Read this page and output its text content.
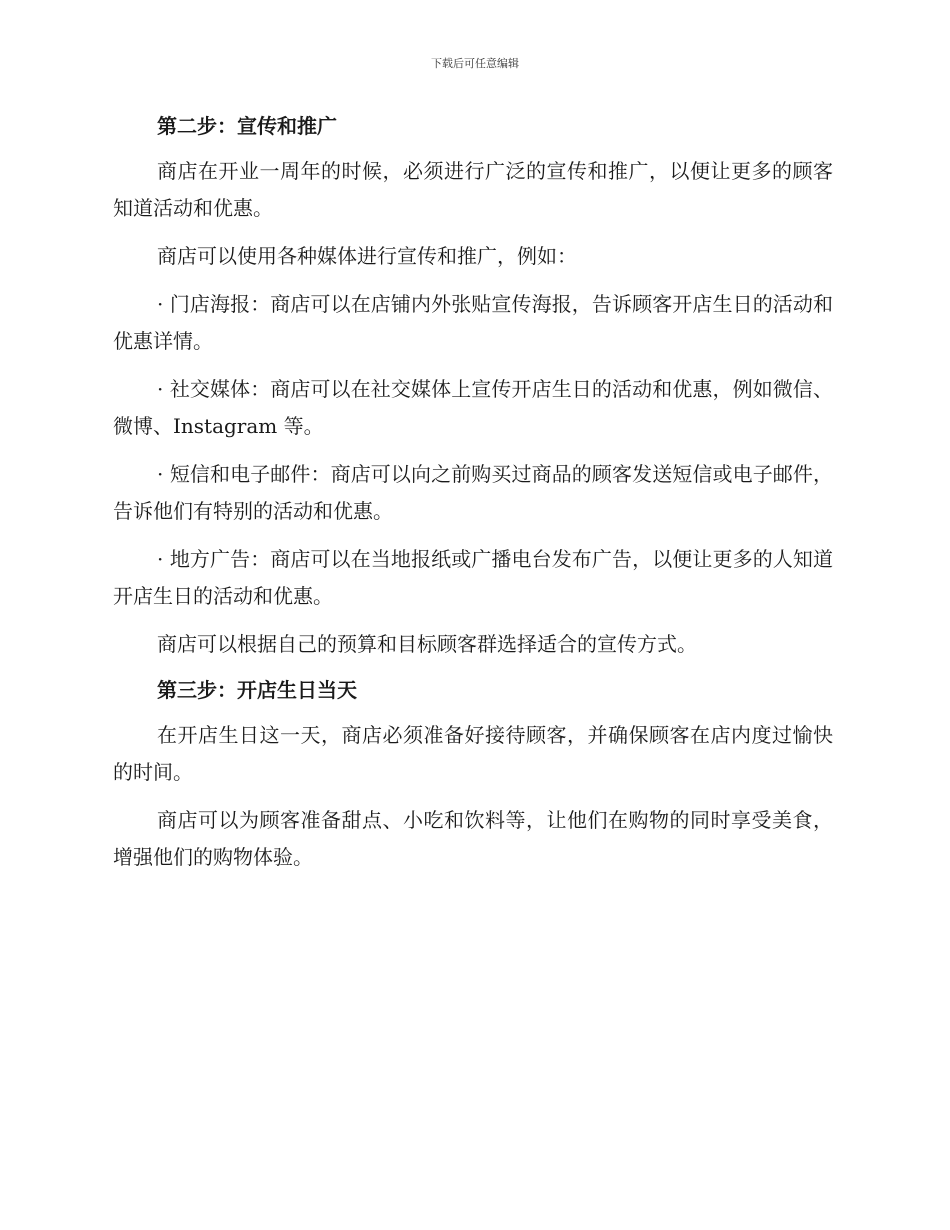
下载后可任意编辑
第二步：宣传和推广

商店在开业一周年的时候，必须进行广泛的宣传和推广，以便让更多的顾客知道活动和优惠。

商店可以使用各种媒体进行宣传和推广，例如：

· 门店海报：商店可以在店铺内外张贴宣传海报，告诉顾客开店生日的活动和优惠详情。

· 社交媒体：商店可以在社交媒体上宣传开店生日的活动和优惠，例如微信、微博、Instagram 等。

· 短信和电子邮件：商店可以向之前购买过商品的顾客发送短信或电子邮件，告诉他们有特别的活动和优惠。

· 地方广告：商店可以在当地报纸或广播电台发布广告，以便让更多的人知道开店生日的活动和优惠。

商店可以根据自己的预算和目标顾客群选择适合的宣传方式。

第三步：开店生日当天

在开店生日这一天，商店必须准备好接待顾客，并确保顾客在店内度过愉快的时间。

商店可以为顾客准备甜点、小吃和饮料等，让他们在购物的同时享受美食，增强他们的购物体验。
